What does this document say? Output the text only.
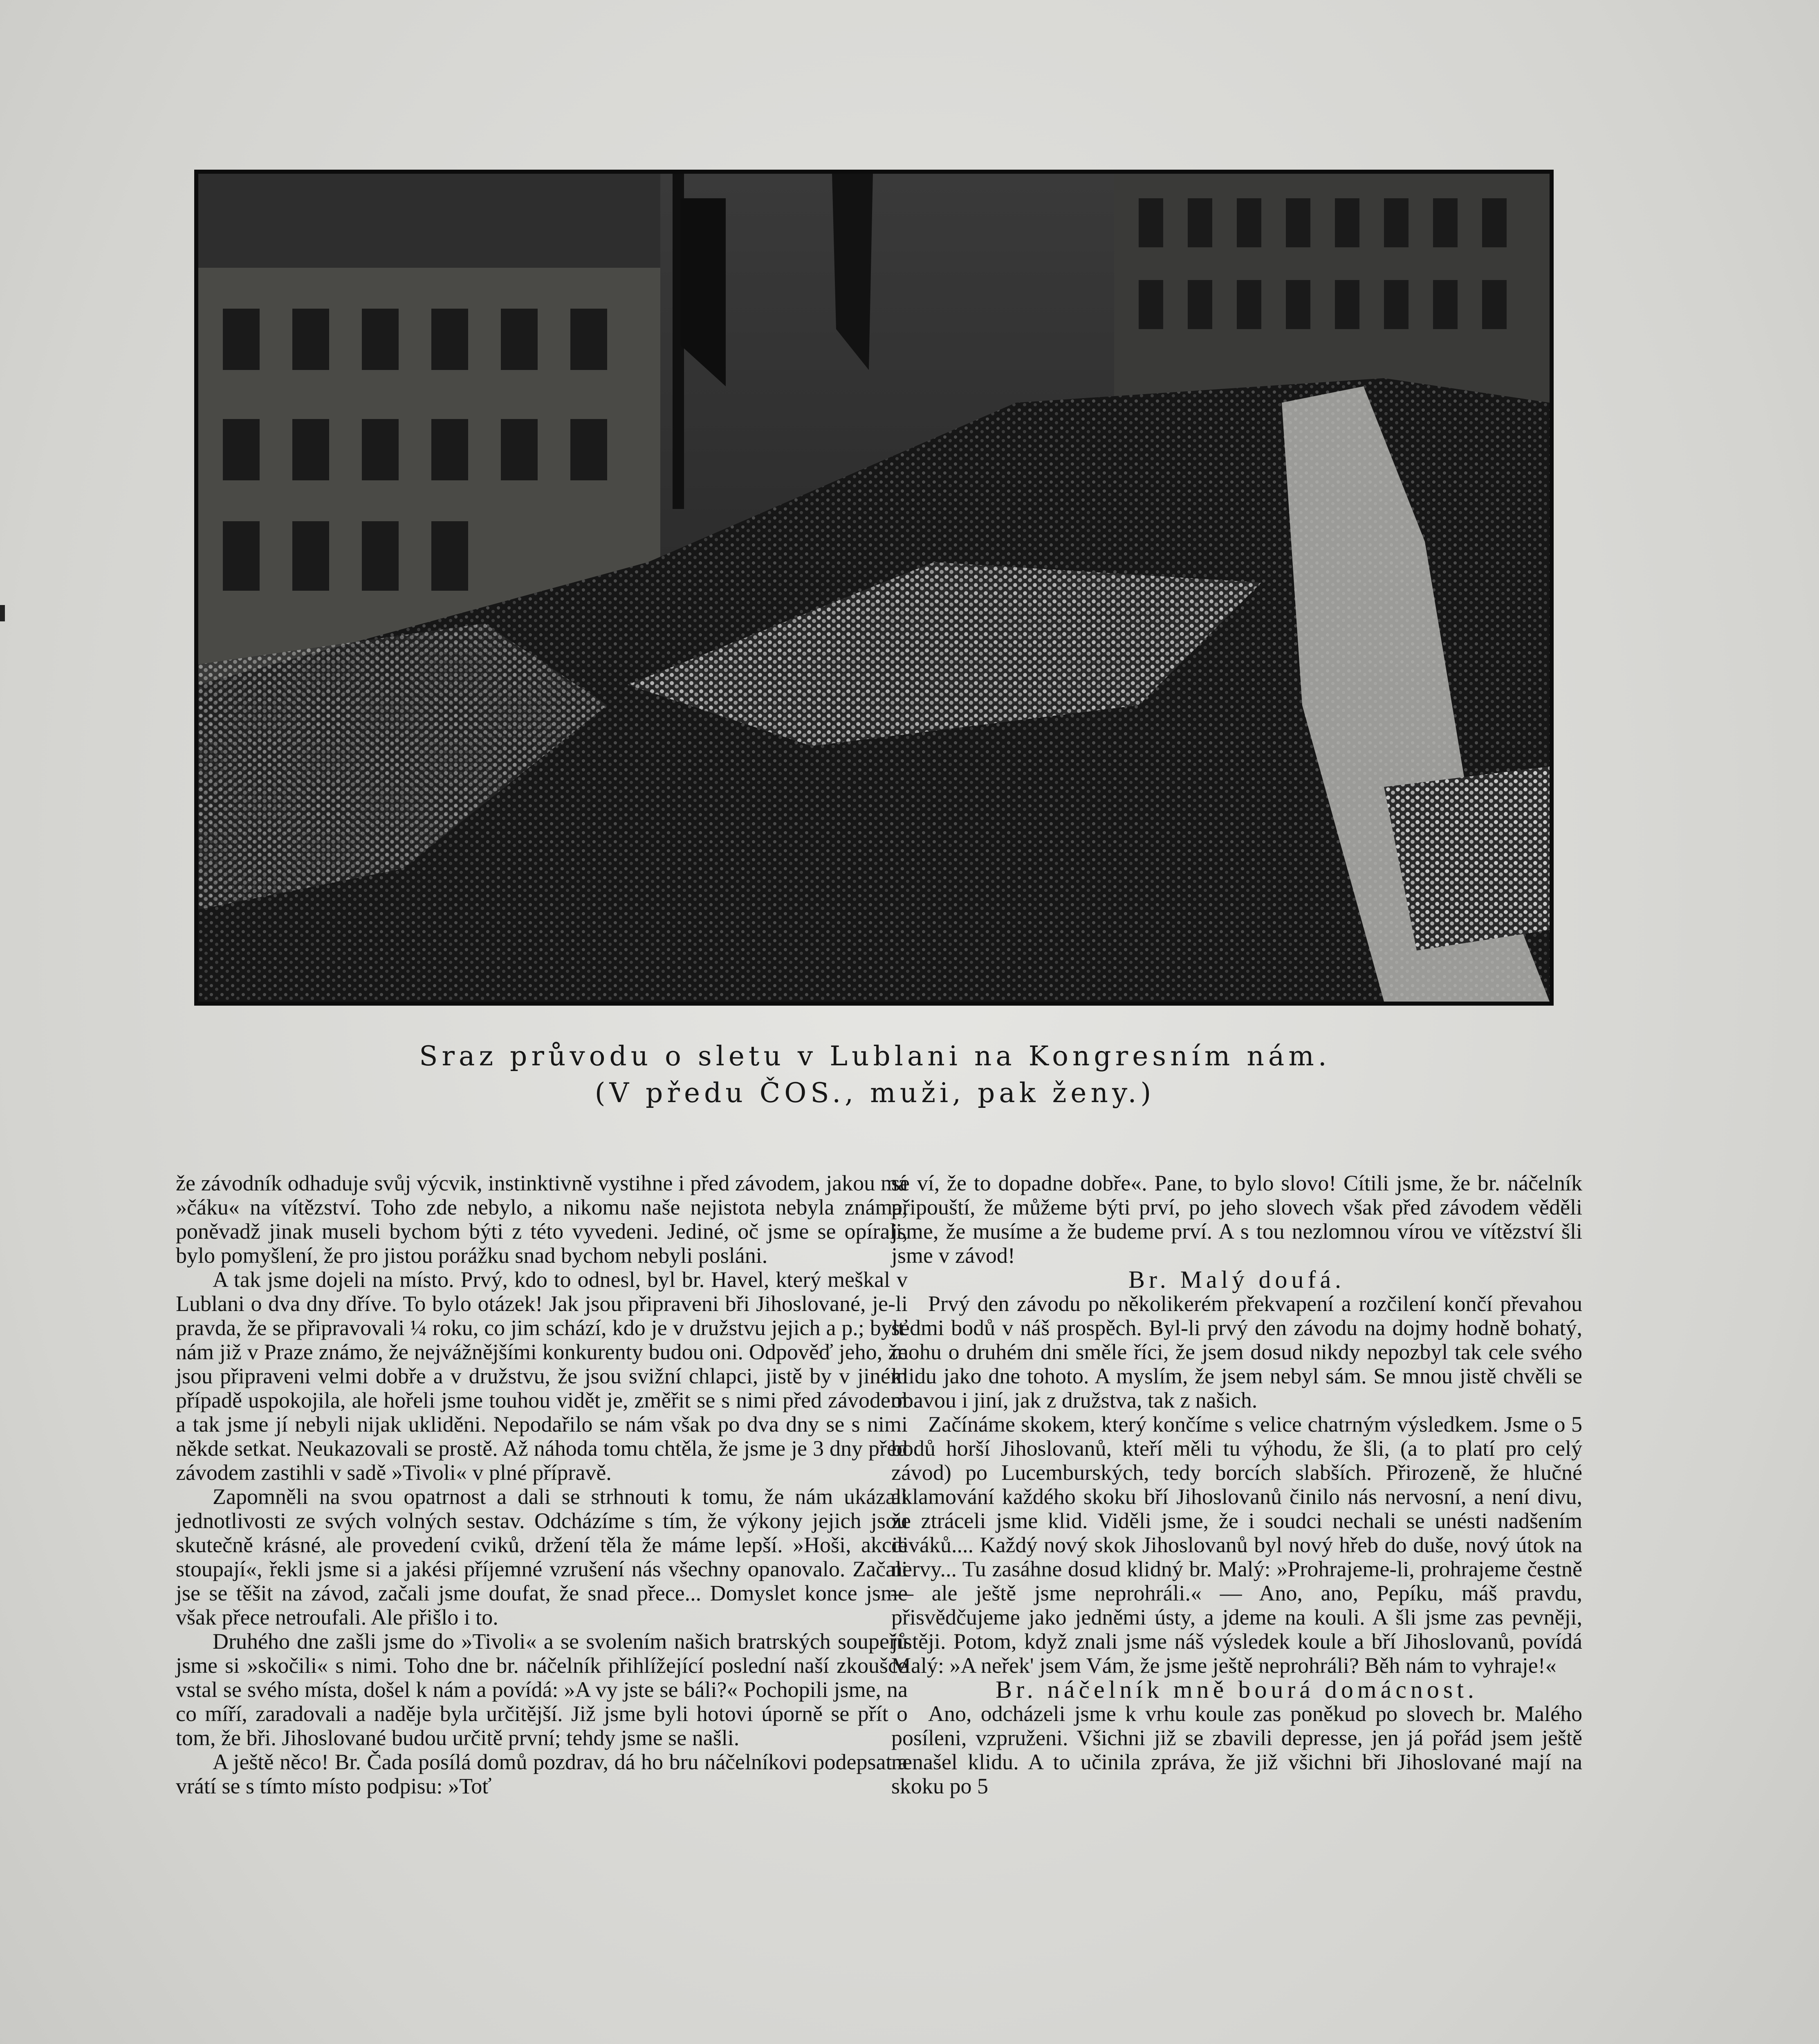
Sraz průvodu o sletu v Lublani na Kongresním nám.
(V předu ČOS., muži, pak ženy.)

že závodník odhaduje svůj výcvik, instinktivně vystihne i před závodem, jakou má »čáku« na vítězství. Toho zde nebylo, a nikomu naše nejistota nebyla známa, poněvadž jinak museli bychom býti z této vyvedeni. Jediné, oč jsme se opírali, bylo pomyšlení, že pro jistou porážku snad bychom nebyli posláni.

A tak jsme dojeli na místo. Prvý, kdo to odnesl, byl br. Havel, který meškal v Lublani o dva dny dříve. To bylo otázek! Jak jsou připraveni bři Jihoslované, je-li pravda, že se připravovali ¼ roku, co jim schází, kdo je v družstvu jejich a p.; bylť nám již v Praze známo, že nejvážnějšími konkurenty budou oni. Odpověď jeho, že jsou připraveni velmi dobře a v družstvu, že jsou svižní chlapci, jistě by v jiném případě uspokojila, ale hořeli jsme touhou vidět je, změřit se s nimi před závodem a tak jsme jí nebyli nijak ukliděni. Nepodařilo se nám však po dva dny se s nimi někde setkat. Neukazovali se prostě. Až náhoda tomu chtěla, že jsme je 3 dny před závodem zastihli v sadě »Tivoli« v plné přípravě.

Zapomněli na svou opatrnost a dali se strhnouti k tomu, že nám ukázali jednotlivosti ze svých volných sestav. Odcházíme s tím, že výkony jejich jsou skutečně krásné, ale provedení cviků, držení těla že máme lepší. »Hoši, akcie stoupají«, řekli jsme si a jakési příjemné vzrušení nás všechny opanovalo. Začali jse se těšit na závod, začali jsme doufat, že snad přece... Domyslet konce jsme však přece netroufali. Ale přišlo i to.

Druhého dne zašli jsme do »Tivoli« a se svolením našich bratrských soupeřů jsme si »skočili« s nimi. Toho dne br. náčelník přihlížející poslední naší zkoušce vstal se svého místa, došel k nám a povídá: »A vy jste se báli?« Pochopili jsme, na co míří, zaradovali a naděje byla určitější. Již jsme byli hotovi úporně se přít o tom, že bři. Jihoslované budou určitě první; tehdy jsme se našli.

A ještě něco! Br. Čada posílá domů pozdrav, dá ho bru náčelníkovi podepsat a vrátí se s tímto místo podpisu: »Toť

se ví, že to dopadne dobře«. Pane, to bylo slovo! Cítili jsme, že br. náčelník připouští, že můžeme býti prví, po jeho slovech však před závodem věděli jsme, že musíme a že budeme prví. A s tou nezlomnou vírou ve vítězství šli jsme v závod!

Br. Malý doufá.

Prvý den závodu po několikerém překvapení a rozčilení končí převahou sedmi bodů v náš prospěch. Byl-li prvý den závodu na dojmy hodně bohatý, mohu o druhém dni směle říci, že jsem dosud nikdy nepozbyl tak cele svého klidu jako dne tohoto. A myslím, že jsem nebyl sám. Se mnou jistě chvěli se obavou i jiní, jak z družstva, tak z našich.

Začínáme skokem, který končíme s velice chatrným výsledkem. Jsme o 5 bodů horší Jihoslovanů, kteří měli tu výhodu, že šli, (a to platí pro celý závod) po Lucemburských, tedy borcích slabších. Přirozeně, že hlučné aklamování každého skoku bří Jihoslovanů činilo nás nervosní, a není divu, že ztráceli jsme klid. Viděli jsme, že i soudci nechali se unésti nadšením diváků.... Každý nový skok Jihoslovanů byl nový hřeb do duše, nový útok na nervy... Tu zasáhne dosud klidný br. Malý: »Prohrajeme-li, prohrajeme čestně — ale ještě jsme neprohráli.« — Ano, ano, Pepíku, máš pravdu, přisvědčujeme jako jedněmi ústy, a jdeme na kouli. A šli jsme zas pevněji, jistěji. Potom, když znali jsme náš výsledek koule a bří Jihoslovanů, povídá Malý: »A neřek' jsem Vám, že jsme ještě neprohráli? Běh nám to vyhraje!«

Br. náčelník mně bourá domácnost.

Ano, odcházeli jsme k vrhu koule zas poněkud po slovech br. Malého posíleni, vzpruženi. Všichni již se zbavili depresse, jen já pořád jsem ještě nenašel klidu. A to učinila zpráva, že již všichni bři Jihoslované mají na skoku po 5
